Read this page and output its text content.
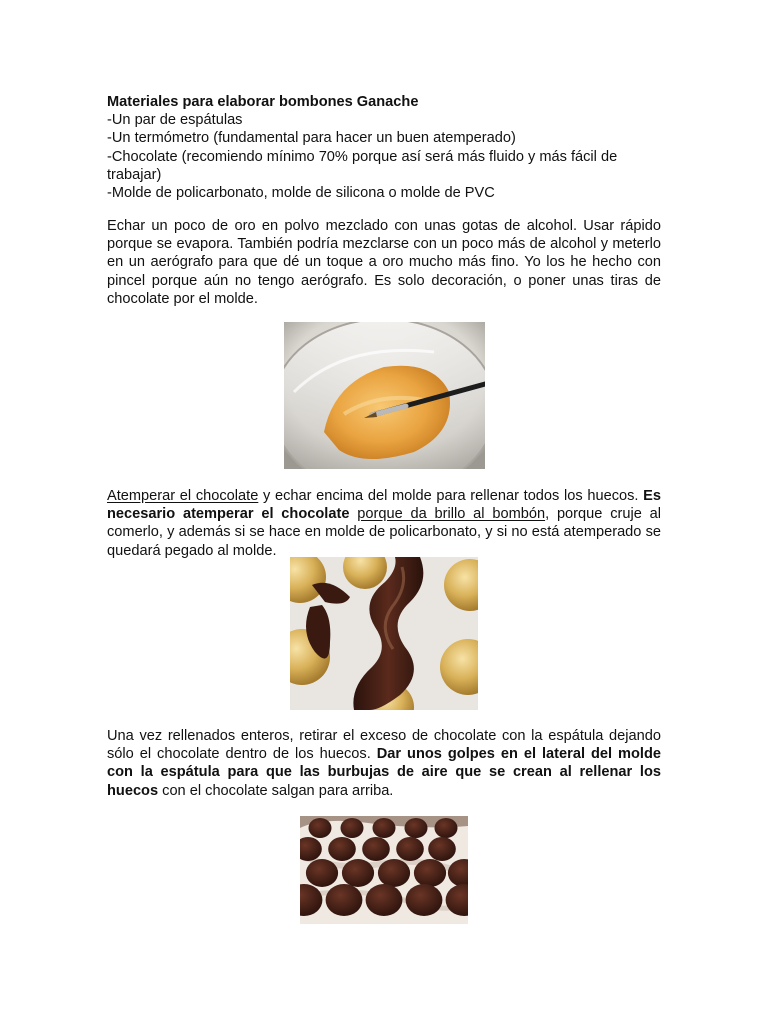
Materiales para elaborar bombones Ganache
-Un par de espátulas
-Un termómetro (fundamental para hacer un buen atemperado)
-Chocolate (recomiendo mínimo 70% porque así será más fluido y más fácil de trabajar)
-Molde de policarbonato, molde de silicona o molde de PVC
Echar un poco de oro en polvo mezclado con unas gotas de alcohol. Usar rápido porque se evapora. También podría mezclarse con un poco más de alcohol y meterlo en un aerógrafo para que dé un toque a oro mucho más fino. Yo los he hecho con pincel porque aún no tengo aerógrafo. Es solo decoración, o poner unas tiras de chocolate por el molde.
Atemperar el chocolate y echar encima del molde para rellenar todos los huecos. Es necesario atemperar el chocolate porque da brillo al bombón, porque cruje al comerlo, y además si se hace en molde de policarbonato, y si no está atemperado se quedará pegado al molde.
Una vez rellenados enteros, retirar el exceso de chocolate con la espátula dejando sólo el chocolate dentro de los huecos. Dar unos golpes en el lateral del molde con la espátula para que las burbujas de aire que se crean al rellenar los huecos con el chocolate salgan para arriba.
